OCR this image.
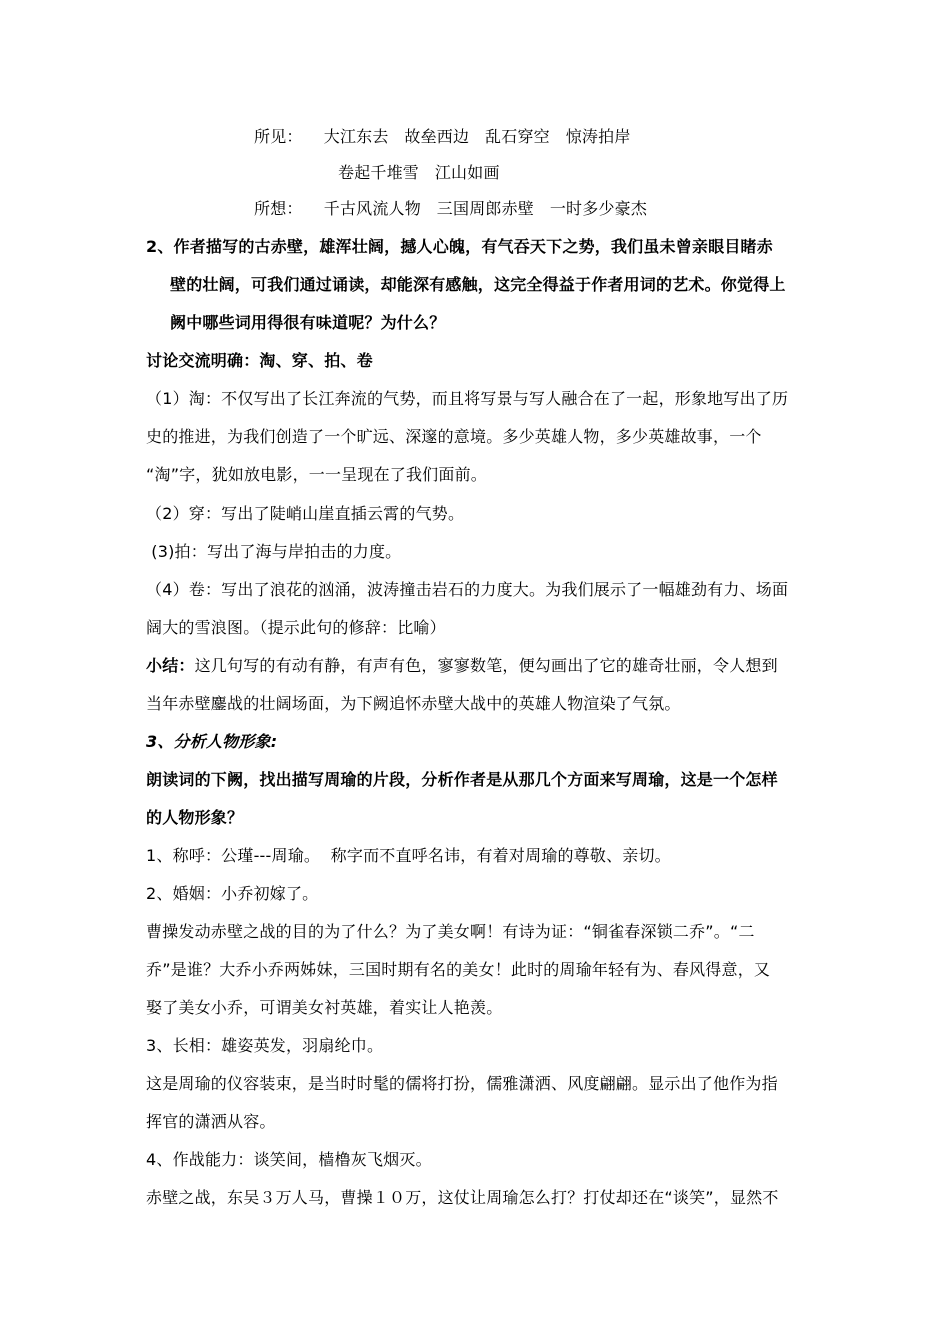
所见：    大江东去   故垒西边   乱石穿空   惊涛拍岸
卷起千堆雪   江山如画
所想：    千古风流人物   三国周郎赤壁   一时多少豪杰
2、作者描写的古赤壁，雄浑壮阔，撼人心魄，有气吞天下之势，我们虽未曾亲眼目睹赤
壁的壮阔，可我们通过诵读，却能深有感触，这完全得益于作者用词的艺术。你觉得上
阙中哪些词用得很有味道呢？为什么？
讨论交流明确：淘、穿、拍、卷
（1）淘：不仅写出了长江奔流的气势，而且将写景与写人融合在了一起，形象地写出了历
史的推进，为我们创造了一个旷远、深邃的意境。多少英雄人物，多少英雄故事，一个
“淘”字，犹如放电影，一一呈现在了我们面前。
（2）穿：写出了陡峭山崖直插云霄的气势。
(3)拍：写出了海与岸拍击的力度。
（4）卷：写出了浪花的汹涌，波涛撞击岩石的力度大。为我们展示了一幅雄劲有力、场面
阔大的雪浪图。（提示此句的修辞：比喻）
小结：这几句写的有动有静，有声有色，寥寥数笔，便勾画出了它的雄奇壮丽，令人想到
当年赤壁鏖战的壮阔场面，为下阙追怀赤壁大战中的英雄人物渲染了气氛。
3、分析人物形象:
朗读词的下阙，找出描写周瑜的片段，分析作者是从那几个方面来写周瑜，这是一个怎样
的人物形象？
1、称呼：公瑾---周瑜。  称字而不直呼名讳，有着对周瑜的尊敬、亲切。
2、婚姻：小乔初嫁了。
曹操发动赤壁之战的目的为了什么？为了美女啊！有诗为证：“铜雀春深锁二乔”。“二
乔”是谁？大乔小乔两姊妹，三国时期有名的美女！此时的周瑜年轻有为、春风得意，又
娶了美女小乔，可谓美女衬英雄，着实让人艳羡。
3、长相：雄姿英发，羽扇纶巾。
这是周瑜的仪容装束，是当时时髦的儒将打扮，儒雅潇洒、风度翩翩。显示出了他作为指
挥官的潇洒从容。
4、作战能力：谈笑间，樯橹灰飞烟灭。
赤壁之战，东吴３万人马，曹操１０万，这仗让周瑜怎么打？打仗却还在“谈笑”，显然不
